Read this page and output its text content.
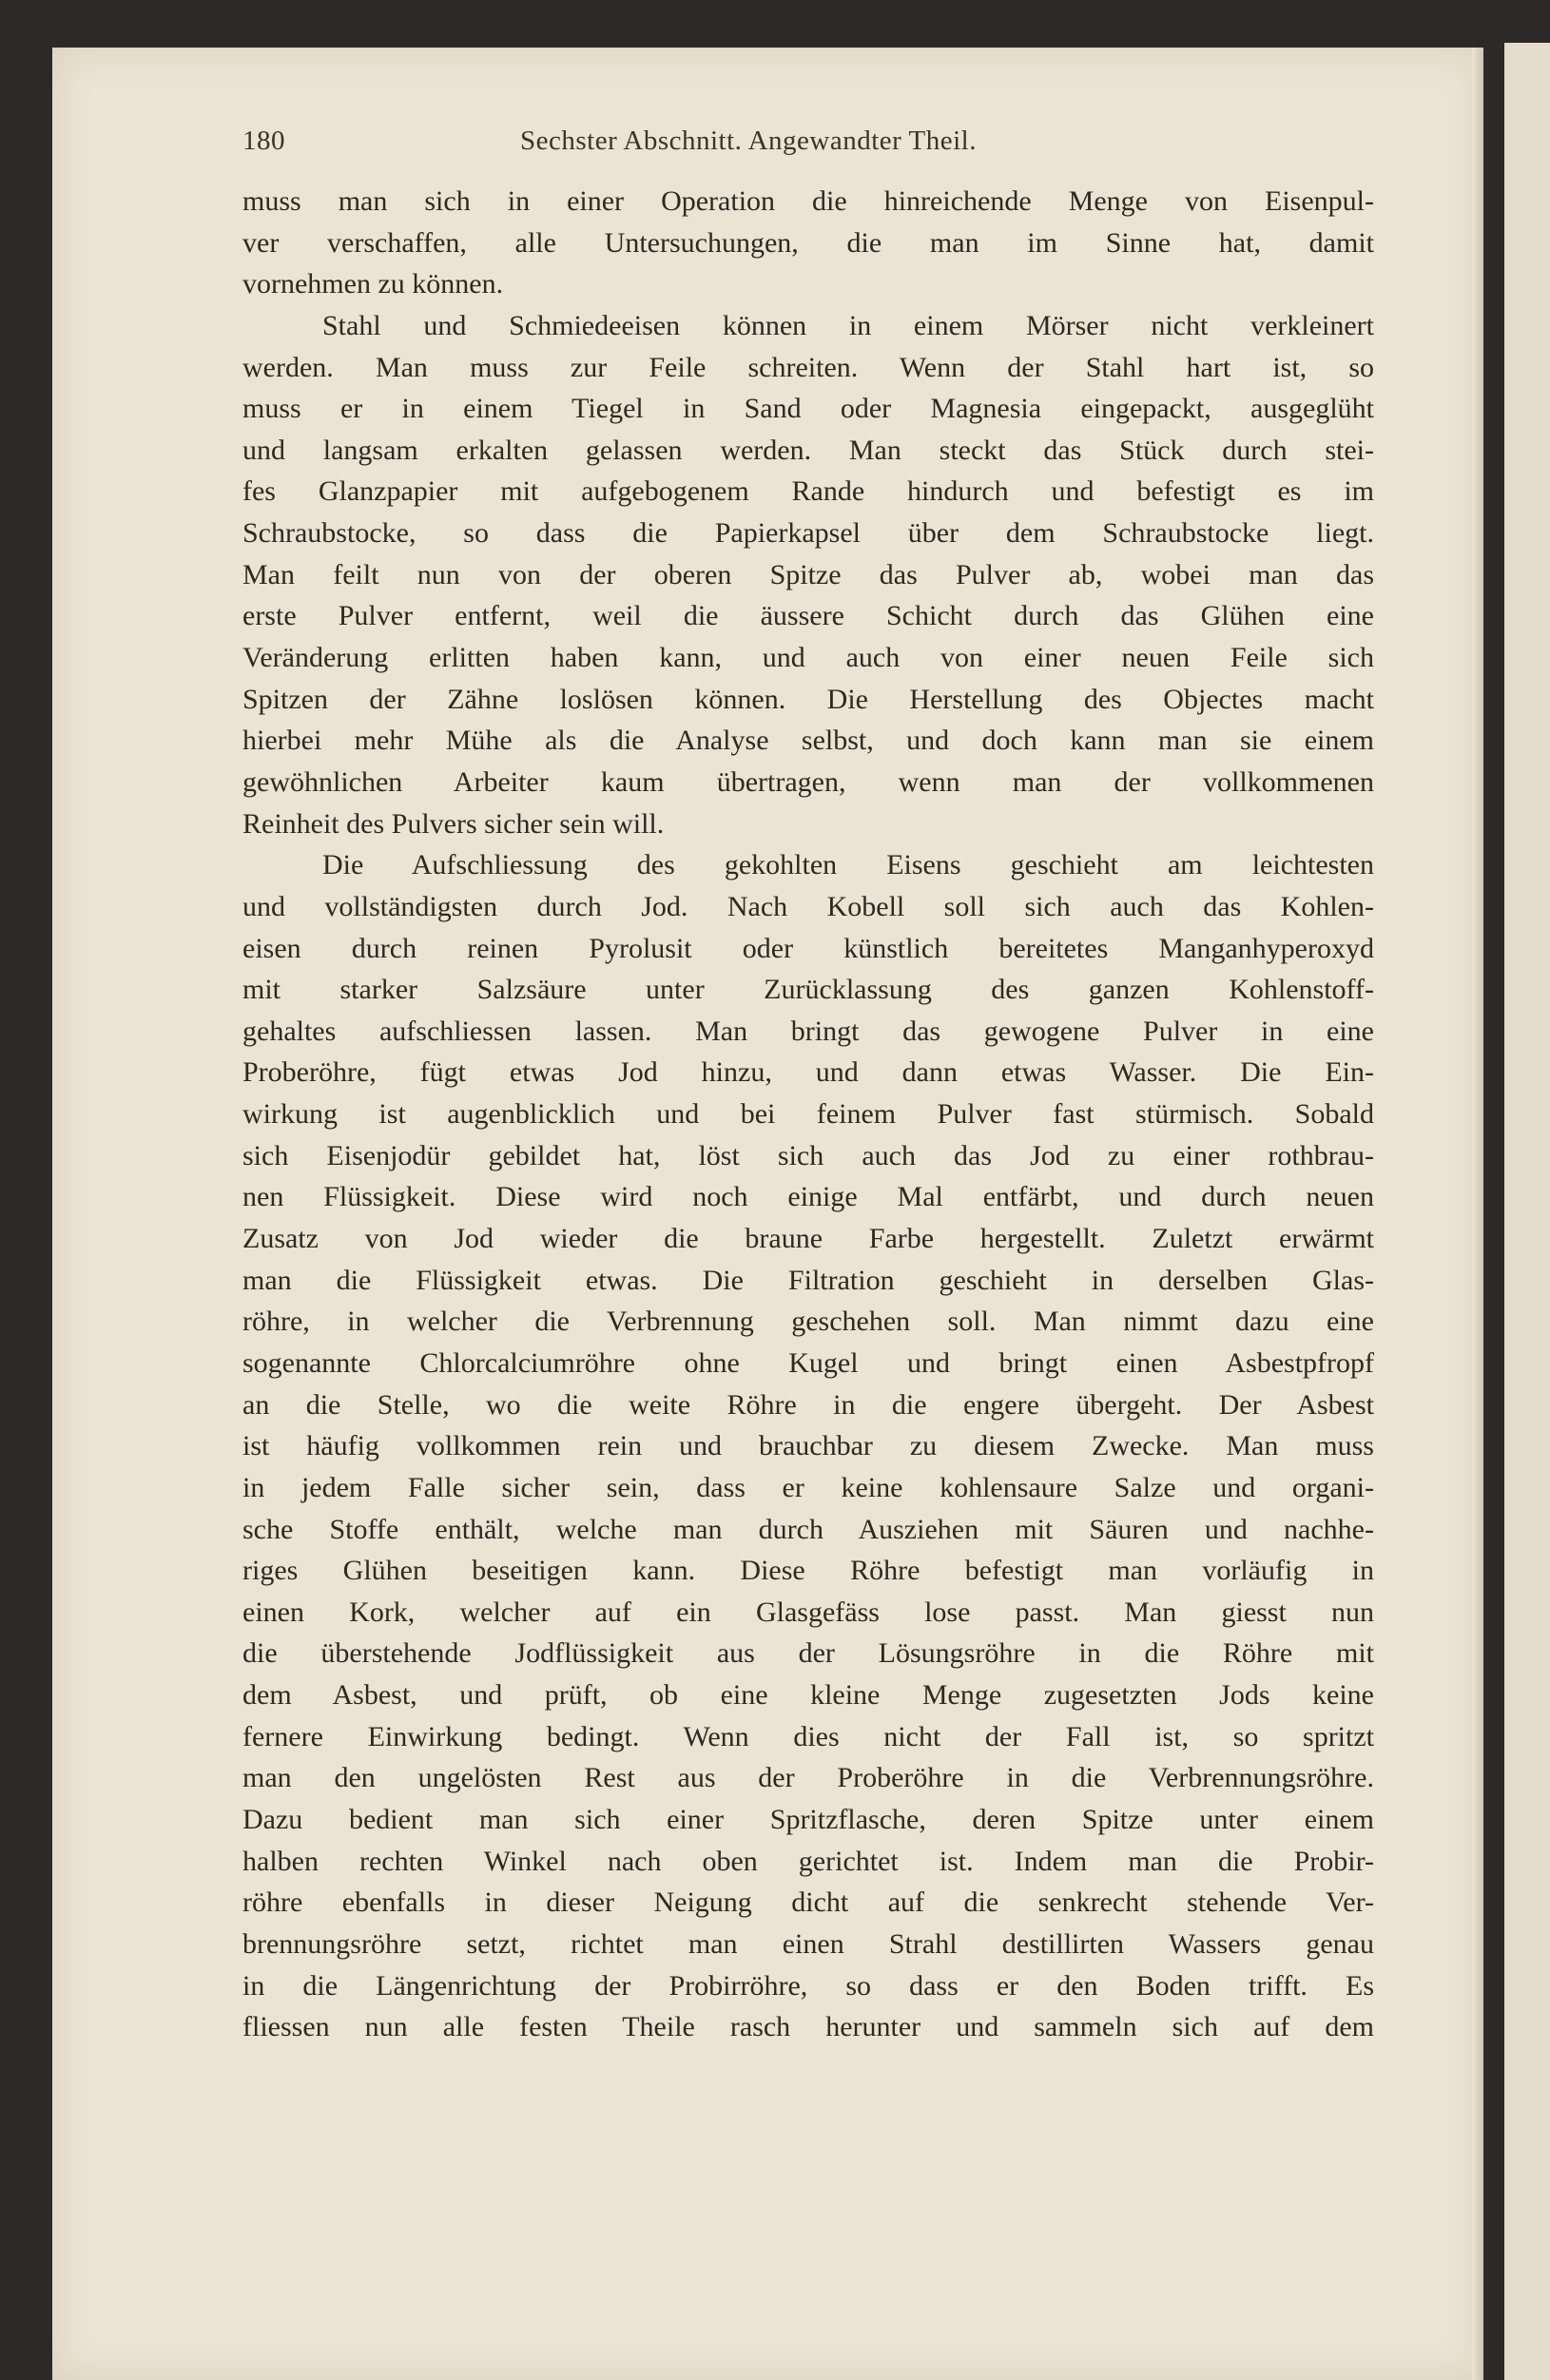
180	Sechster Abschnitt. Angewandter Theil.
muss man sich in einer Operation die hinreichende Menge von Eisenpul-
ver verschaffen, alle Untersuchungen, die man im Sinne hat, damit
vornehmen zu können.
Stahl und Schmiedeeisen können in einem Mörser nicht verkleinert
werden. Man muss zur Feile schreiten. Wenn der Stahl hart ist, so
muss er in einem Tiegel in Sand oder Magnesia eingepackt, ausgeglüht
und langsam erkalten gelassen werden. Man steckt das Stück durch stei-
fes Glanzpapier mit aufgebogenem Rande hindurch und befestigt es im
Schraubstocke, so dass die Papierkapsel über dem Schraubstocke liegt.
Man feilt nun von der oberen Spitze das Pulver ab, wobei man das
erste Pulver entfernt, weil die äussere Schicht durch das Glühen eine
Veränderung erlitten haben kann, und auch von einer neuen Feile sich
Spitzen der Zähne loslösen können. Die Herstellung des Objectes macht
hierbei mehr Mühe als die Analyse selbst, und doch kann man sie einem
gewöhnlichen Arbeiter kaum übertragen, wenn man der vollkommenen
Reinheit des Pulvers sicher sein will.
Die Aufschliessung des gekohlten Eisens geschieht am leichtesten
und vollständigsten durch Jod. Nach Kobell soll sich auch das Kohlen-
eisen durch reinen Pyrolusit oder künstlich bereitetes Manganhyperoxyd
mit starker Salzsäure unter Zurücklassung des ganzen Kohlenstoff-
gehaltes aufschliessen lassen. Man bringt das gewogene Pulver in eine
Proberöhre, fügt etwas Jod hinzu, und dann etwas Wasser. Die Ein-
wirkung ist augenblicklich und bei feinem Pulver fast stürmisch. Sobald
sich Eisenjodür gebildet hat, löst sich auch das Jod zu einer rothbrau-
nen Flüssigkeit. Diese wird noch einige Mal entfärbt, und durch neuen
Zusatz von Jod wieder die braune Farbe hergestellt. Zuletzt erwärmt
man die Flüssigkeit etwas. Die Filtration geschieht in derselben Glas-
röhre, in welcher die Verbrennung geschehen soll. Man nimmt dazu eine
sogenannte Chlorcalciumröhre ohne Kugel und bringt einen Asbestpfropf
an die Stelle, wo die weite Röhre in die engere übergeht. Der Asbest
ist häufig vollkommen rein und brauchbar zu diesem Zwecke. Man muss
in jedem Falle sicher sein, dass er keine kohlensaure Salze und organi-
sche Stoffe enthält, welche man durch Ausziehen mit Säuren und nachhe-
riges Glühen beseitigen kann. Diese Röhre befestigt man vorläufig in
einen Kork, welcher auf ein Glasgefäss lose passt. Man giesst nun
die überstehende Jodflüssigkeit aus der Lösungsröhre in die Röhre mit
dem Asbest, und prüft, ob eine kleine Menge zugesetzten Jods keine
fernere Einwirkung bedingt. Wenn dies nicht der Fall ist, so spritzt
man den ungelösten Rest aus der Proberöhre in die Verbrennungsröhre.
Dazu bedient man sich einer Spritzflasche, deren Spitze unter einem
halben rechten Winkel nach oben gerichtet ist. Indem man die Probir-
röhre ebenfalls in dieser Neigung dicht auf die senkrecht stehende Ver-
brennungsröhre setzt, richtet man einen Strahl destillirten Wassers genau
in die Längenrichtung der Probirröhre, so dass er den Boden trifft. Es
fliessen nun alle festen Theile rasch herunter und sammeln sich auf dem
